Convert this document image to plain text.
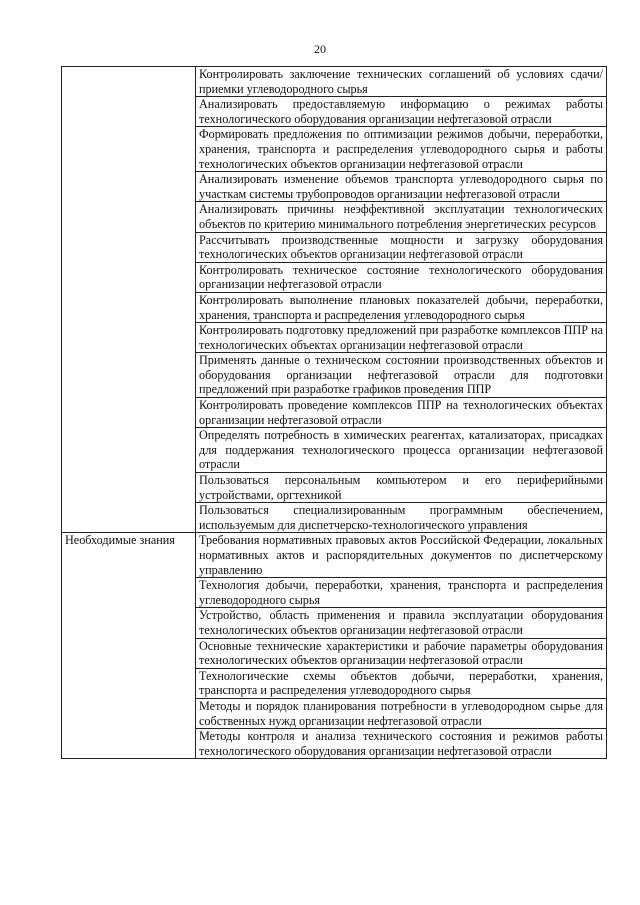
20
	Контролировать заключение технических соглашений об условиях сдачи/приемки углеводородного сырья
	Анализировать предоставляемую информацию о режимах работы технологического оборудования организации нефтегазовой отрасли
	Формировать предложения по оптимизации режимов добычи, переработки, хранения, транспорта и распределения углеводородного сырья и работы технологических объектов организации нефтегазовой отрасли
	Анализировать изменение объемов транспорта углеводородного сырья по участкам системы трубопроводов организации нефтегазовой отрасли
	Анализировать причины неэффективной эксплуатации технологических объектов по критерию минимального потребления энергетических ресурсов
	Рассчитывать производственные мощности и загрузку оборудования технологических объектов организации нефтегазовой отрасли
	Контролировать техническое состояние технологического оборудования организации нефтегазовой отрасли
	Контролировать выполнение плановых показателей добычи, переработки, хранения, транспорта и распределения углеводородного сырья
	Контролировать подготовку предложений при разработке комплексов ППР на технологических объектах организации нефтегазовой отрасли
	Применять данные о техническом состоянии производственных объектов и оборудования организации нефтегазовой отрасли для подготовки предложений при разработке графиков проведения ППР
	Контролировать проведение комплексов ППР на технологических объектах организации нефтегазовой отрасли
	Определять потребность в химических реагентах, катализаторах, присадках для поддержания технологического процесса организации нефтегазовой отрасли
	Пользоваться персональным компьютером и его периферийными устройствами, оргтехникой
	Пользоваться специализированным программным обеспечением, используемым для диспетчерско-технологического управления
Необходимые знания	Требования нормативных правовых актов Российской Федерации, локальных нормативных актов и распорядительных документов по диспетчерскому управлению
	Технология добычи, переработки, хранения, транспорта и распределения углеводородного сырья
	Устройство, область применения и правила эксплуатации оборудования технологических объектов организации нефтегазовой отрасли
	Основные технические характеристики и рабочие параметры оборудования технологических объектов организации нефтегазовой отрасли
	Технологические схемы объектов добычи, переработки, хранения, транспорта и распределения углеводородного сырья
	Методы и порядок планирования потребности в углеводородном сырье для собственных нужд организации нефтегазовой отрасли
	Методы контроля и анализа технического состояния и режимов работы технологического оборудования организации нефтегазовой отрасли
